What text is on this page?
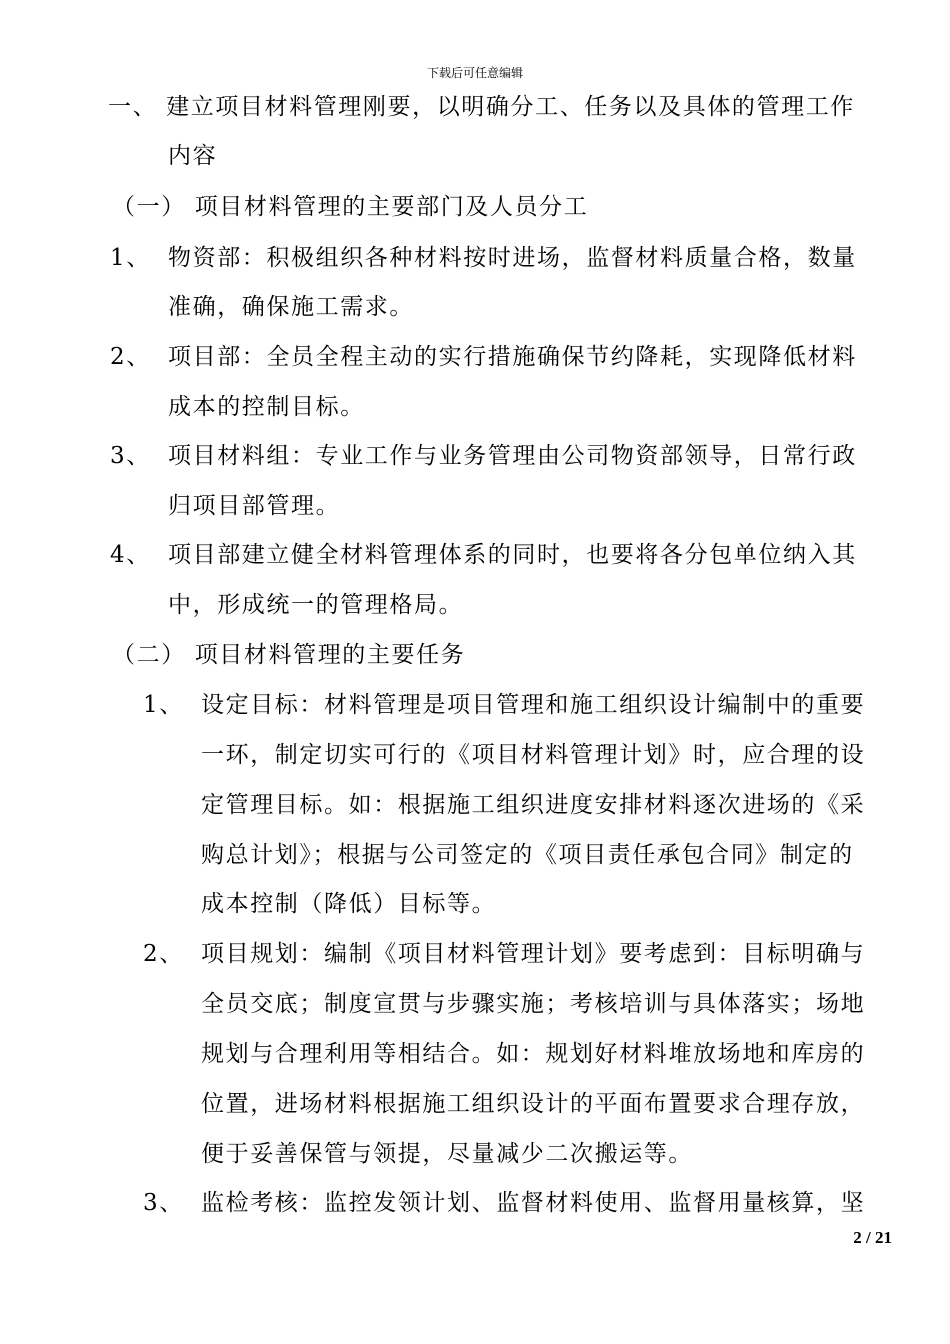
下载后可任意编辑
一、 建立项目材料管理刚要，以明确分工、任务以及具体的管理工作
内容
（一） 项目材料管理的主要部门及人员分工
1、 物资部：积极组织各种材料按时进场，监督材料质量合格，数量
准确，确保施工需求。
2、 项目部：全员全程主动的实行措施确保节约降耗，实现降低材料
成本的控制目标。
3、 项目材料组：专业工作与业务管理由公司物资部领导，日常行政
归项目部管理。
4、 项目部建立健全材料管理体系的同时，也要将各分包单位纳入其
中，形成统一的管理格局。
（二） 项目材料管理的主要任务
1、 设定目标：材料管理是项目管理和施工组织设计编制中的重要
一环，制定切实可行的《项目材料管理计划》时，应合理的设
定管理目标。如：根据施工组织进度安排材料逐次进场的《采
购总计划》；根据与公司签定的《项目责任承包合同》制定的
成本控制（降低）目标等。
2、 项目规划：编制《项目材料管理计划》要考虑到：目标明确与
全员交底；制度宣贯与步骤实施；考核培训与具体落实；场地
规划与合理利用等相结合。如：规划好材料堆放场地和库房的
位置，进场材料根据施工组织设计的平面布置要求合理存放，
便于妥善保管与领提，尽量减少二次搬运等。
3、 监检考核：监控发领计划、监督材料使用、监督用量核算，坚
2 / 21
